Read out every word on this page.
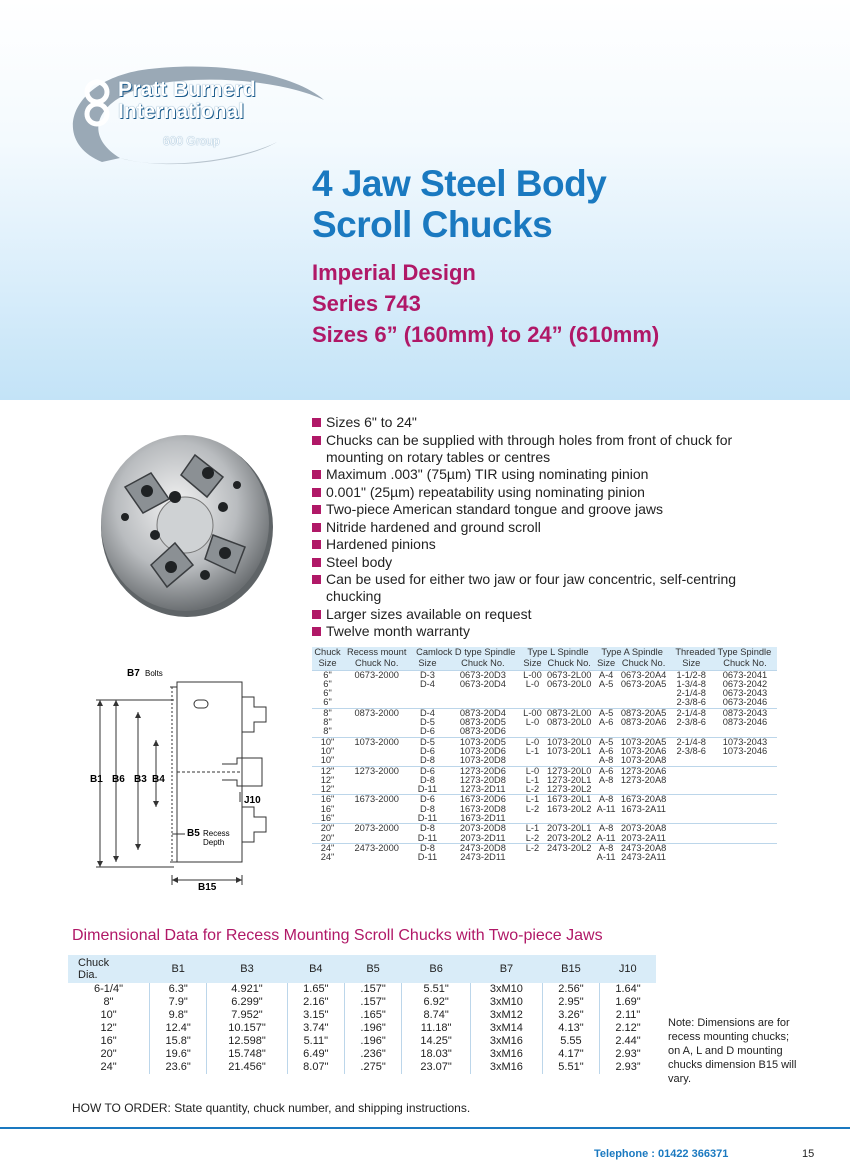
Pratt Burnerd
International
600 Group
4 Jaw Steel Body
Scroll Chucks
Imperial Design
Series 743
Sizes 6” (160mm) to 24” (610mm)
Sizes 6" to 24"
Chucks can be supplied with through holes from front of chuck for mounting on rotary tables or centres
Maximum .003" (75µm) TIR using nominating pinion
0.001" (25µm) repeatability using nominating pinion
Two-piece American standard tongue and groove jaws
Nitride hardened and ground scroll
Hardened pinions
Steel body
Can be used for either two jaw or four jaw concentric, self-centring chucking
Larger sizes available on request
Twelve month warranty
B7 Bolts
B1 B6 B3 B4
J10
B5 Recess
Depth
B15
Chuck	Recess mount	Camlock D type Spindle		Type L Spindle		Type A Spindle		Threaded Type Spindle	
Size	Chuck No.	Size	Chuck No.	Size	Chuck No.	Size	Chuck No.	Size	Chuck No.
6"	0673-2000	D-3	0673-20D3	L-00	0673-2L00	A-4	0673-20A4	1-1/2-8	0673-2041
6"		D-4	0673-20D4	L-0	0673-20L0	A-5	0673-20A5	1-3/4-8	0673-2042
6"								2-1/4-8	0673-2043
6"								2-3/8-6	0673-2046
8"	0873-2000	D-4	0873-20D4	L-00	0873-2L00	A-5	0873-20A5	2-1/4-8	0873-2043
8"		D-5	0873-20D5	L-0	0873-20L0	A-6	0873-20A6	2-3/8-6	0873-2046
8"		D-6	0873-20D6						
10"	1073-2000	D-5	1073-20D5	L-0	1073-20L0	A-5	1073-20A5	2-1/4-8	1073-2043
10"		D-6	1073-20D6	L-1	1073-20L1	A-6	1073-20A6	2-3/8-6	1073-2046
10"		D-8	1073-20D8			A-8	1073-20A8		
12"	1273-2000	D-6	1273-20D6	L-0	1273-20L0	A-6	1273-20A6		
12"		D-8	1273-20D8	L-1	1273-20L1	A-8	1273-20A8		
12"		D-11	1273-2D11	L-2	1273-20L2				
16"	1673-2000	D-6	1673-20D6	L-1	1673-20L1	A-8	1673-20A8		
16"		D-8	1673-20D8	L-2	1673-20L2	A-11	1673-2A11		
16"		D-11	1673-2D11						
20"	2073-2000	D-8	2073-20D8	L-1	2073-20L1	A-8	2073-20A8		
20"		D-11	2073-2D11	L-2	2073-20L2	A-11	2073-2A11		
24"	2473-2000	D-8	2473-20D8	L-2	2473-20L2	A-8	2473-20A8		
24"		D-11	2473-2D11			A-11	2473-2A11		
Dimensional Data for Recess Mounting Scroll Chucks with Two-piece Jaws
Chuck
Dia.	B1	B3	B4	B5	B6	B7	B15	J10
6-1/4"	6.3"	4.921"	1.65"	.157"	5.51"	3xM10	2.56"	1.64"
8"	7.9"	6.299"	2.16"	.157"	6.92"	3xM10	2.95"	1.69"
10"	9.8"	7.952"	3.15"	.165"	8.74"	3xM12	3.26"	2.11"
12"	12.4"	10.157"	3.74"	.196"	11.18"	3xM14	4.13"	2.12"
16"	15.8"	12.598"	5.11"	.196"	14.25"	3xM16	5.55	2.44"
20"	19.6"	15.748"	6.49"	.236"	18.03"	3xM16	4.17"	2.93"
24"	23.6"	21.456"	8.07"	.275"	23.07"	3xM16	5.51"	2.93”
Note: Dimensions are for recess mounting chucks; on A, L and D mounting chucks dimension B15 will vary.
HOW TO ORDER: State quantity, chuck number, and shipping instructions.
Telephone : 01422 366371	15
